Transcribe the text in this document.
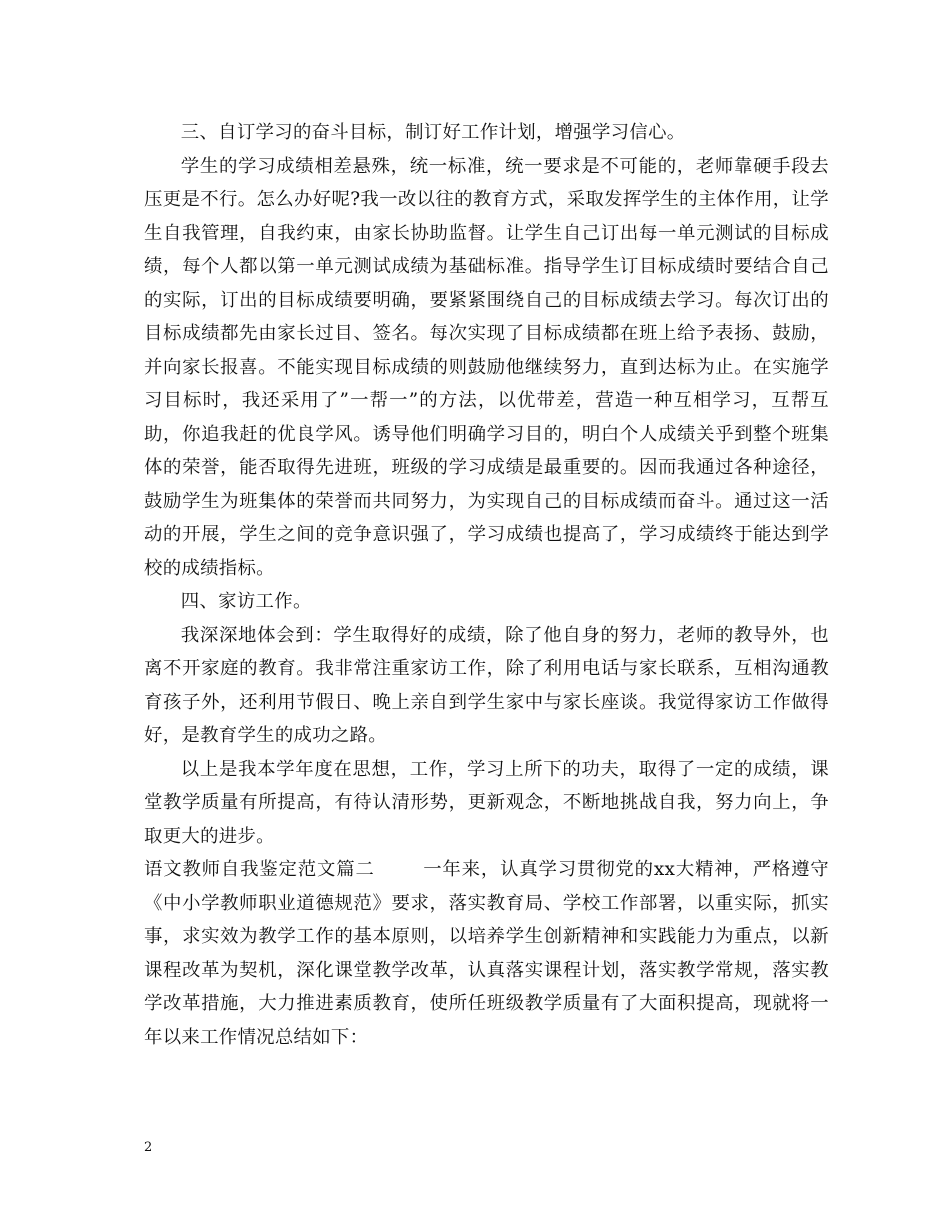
三、自订学习的奋斗目标，制订好工作计划，增强学习信心。

学生的学习成绩相差悬殊，统一标准，统一要求是不可能的，老师靠硬手段去压更是不行。怎么办好呢?我一改以往的教育方式，采取发挥学生的主体作用，让学生自我管理，自我约束，由家长协助监督。让学生自己订出每一单元测试的目标成绩，每个人都以第一单元测试成绩为基础标准。指导学生订目标成绩时要结合自己的实际，订出的目标成绩要明确，要紧紧围绕自己的目标成绩去学习。每次订出的目标成绩都先由家长过目、签名。每次实现了目标成绩都在班上给予表扬、鼓励，并向家长报喜。不能实现目标成绩的则鼓励他继续努力，直到达标为止。在实施学习目标时，我还采用了”一帮一”的方法，以优带差，营造一种互相学习，互帮互助，你追我赶的优良学风。诱导他们明确学习目的，明白个人成绩关乎到整个班集体的荣誉，能否取得先进班，班级的学习成绩是最重要的。因而我通过各种途径，鼓励学生为班集体的荣誉而共同努力，为实现自己的目标成绩而奋斗。通过这一活动的开展，学生之间的竞争意识强了，学习成绩也提高了，学习成绩终于能达到学校的成绩指标。

四、家访工作。

我深深地体会到：学生取得好的成绩，除了他自身的努力，老师的教导外，也离不开家庭的教育。我非常注重家访工作，除了利用电话与家长联系，互相沟通教育孩子外，还利用节假日、晚上亲自到学生家中与家长座谈。我觉得家访工作做得好，是教育学生的成功之路。

以上是我本学年度在思想，工作，学习上所下的功夫，取得了一定的成绩，课堂教学质量有所提高，有待认清形势，更新观念，不断地挑战自我，努力向上，争取更大的进步。

语文教师自我鉴定范文篇二	一年来，认真学习贯彻党的xx大精神，严格遵守《中小学教师职业道德规范》要求，落实教育局、学校工作部署，以重实际，抓实事，求实效为教学工作的基本原则，以培养学生创新精神和实践能力为重点，以新课程改革为契机，深化课堂教学改革，认真落实课程计划，落实教学常规，落实教学改革措施，大力推进素质教育，使所任班级教学质量有了大面积提高，现就将一年以来工作情况总结如下：

2
